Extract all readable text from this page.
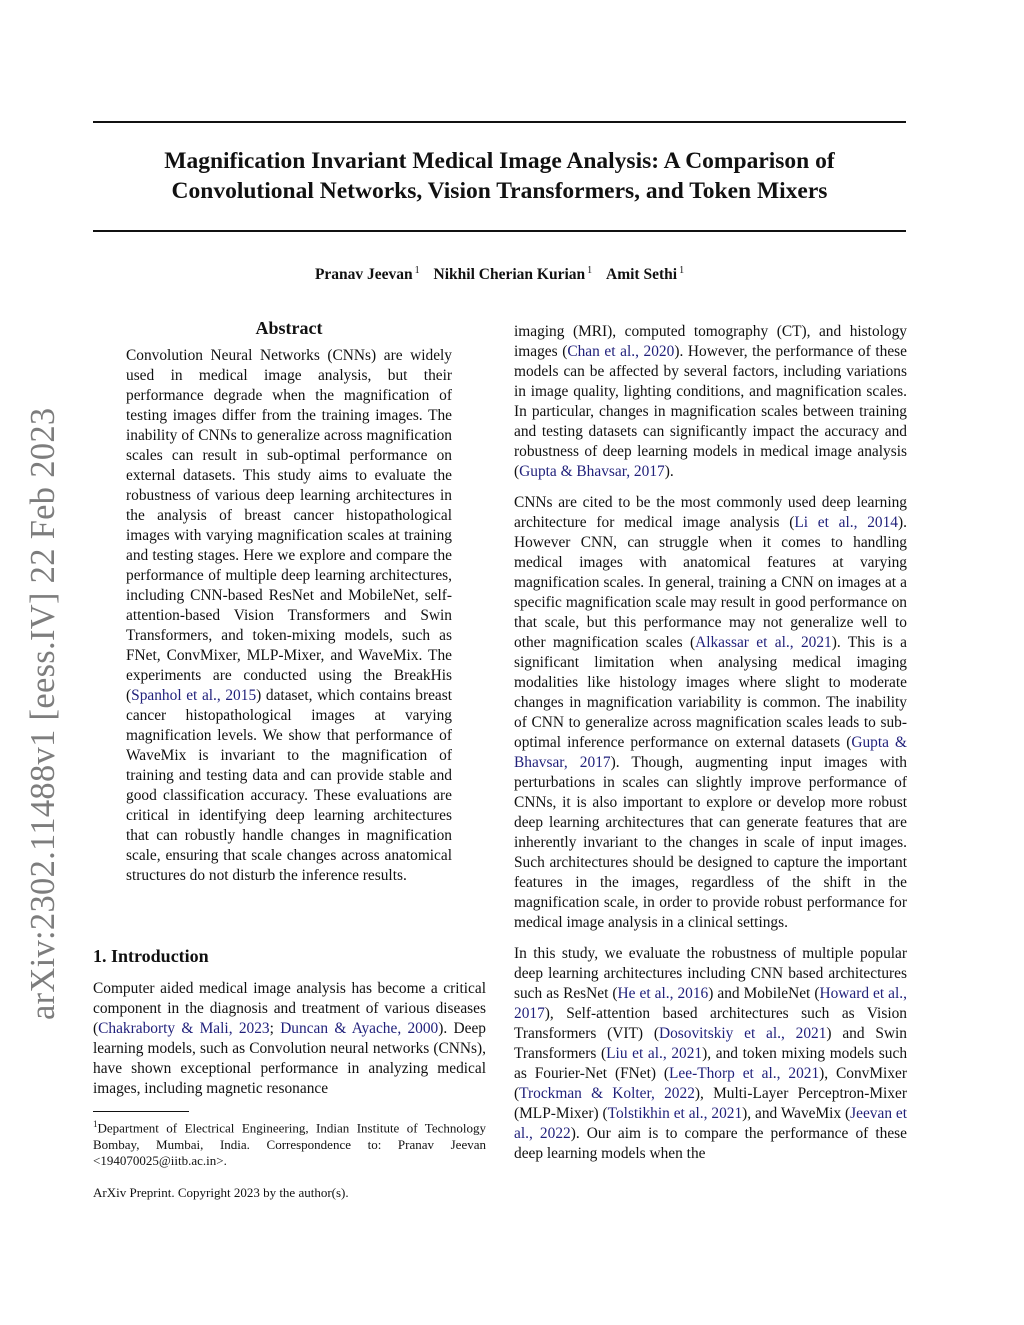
Magnification Invariant Medical Image Analysis: A Comparison of
Convolutional Networks, Vision Transformers, and Token Mixers
Pranav Jeevan $^1$ Nikhil Cherian Kurian $^1$ Amit Sethi $^1$
arXiv:2302.11488v1 [eess.IV] 22 Feb 2023
Abstract

Convolution Neural Networks (CNNs) are widely used in medical image analysis, but their performance degrade when the magnification of testing images differ from the training images. The inability of CNNs to generalize across magnification scales can result in sub-optimal performance on external datasets. This study aims to evaluate the robustness of various deep learning architectures in the analysis of breast cancer histopathological images with varying magnification scales at training and testing stages. Here we explore and compare the performance of multiple deep learning architectures, including CNN-based ResNet and MobileNet, self-attention-based Vision Transformers and Swin Transformers, and token-mixing models, such as FNet, ConvMixer, MLP-Mixer, and WaveMix. The experiments are conducted using the BreakHis (Spanhol et al., 2015) dataset, which contains breast cancer histopathological images at varying magnification levels. We show that performance of WaveMix is invariant to the magnification of training and testing data and can provide stable and good classification accuracy. These evaluations are critical in identifying deep learning architectures that can robustly handle changes in magnification scale, ensuring that scale changes across anatomical structures do not disturb the inference results.

1. Introduction

Computer aided medical image analysis has become a critical component in the diagnosis and treatment of various diseases (Chakraborty & Mali, 2023; Duncan & Ayache, 2000). Deep learning models, such as Convolution neural networks (CNNs), have shown exceptional performance in analyzing medical images, including magnetic resonance

imaging (MRI), computed tomography (CT), and histology images (Chan et al., 2020). However, the performance of these models can be affected by several factors, including variations in image quality, lighting conditions, and magnification scales. In particular, changes in magnification scales between training and testing datasets can significantly impact the accuracy and robustness of deep learning models in medical image analysis (Gupta & Bhavsar, 2017).

CNNs are cited to be the most commonly used deep learning architecture for medical image analysis (Li et al., 2014). However CNN, can struggle when it comes to handling medical images with anatomical features at varying magnification scales. In general, training a CNN on images at a specific magnification scale may result in good performance on that scale, but this performance may not generalize well to other magnification scales (Alkassar et al., 2021). This is a significant limitation when analysing medical imaging modalities like histology images where slight to moderate changes in magnification variability is common. The inability of CNN to generalize across magnification scales leads to sub-optimal inference performance on external datasets (Gupta & Bhavsar, 2017). Though, augmenting input images with perturbations in scales can slightly improve performance of CNNs, it is also important to explore or develop more robust deep learning architectures that can generate features that are inherently invariant to the changes in scale of input images. Such architectures should be designed to capture the important features in the images, regardless of the shift in the magnification scale, in order to provide robust performance for medical image analysis in a clinical settings.

In this study, we evaluate the robustness of multiple popular deep learning architectures including CNN based architectures such as ResNet (He et al., 2016) and MobileNet (Howard et al., 2017), Self-attention based architectures such as Vision Transformers (VIT) (Dosovitskiy et al., 2021) and Swin Transformers (Liu et al., 2021), and token mixing models such as Fourier-Net (FNet) (Lee-Thorp et al., 2021), ConvMixer (Trockman & Kolter, 2022), Multi-Layer Perceptron-Mixer (MLP-Mixer) (Tolstikhin et al., 2021), and WaveMix (Jeevan et al., 2022). Our aim is to compare the performance of these deep learning models when the

$^1$Department of Electrical Engineering, Indian Institute of Technology Bombay, Mumbai, India. Correspondence to: Pranav Jeevan <194070025@iitb.ac.in>.
ArXiv Preprint. Copyright 2023 by the author(s).
